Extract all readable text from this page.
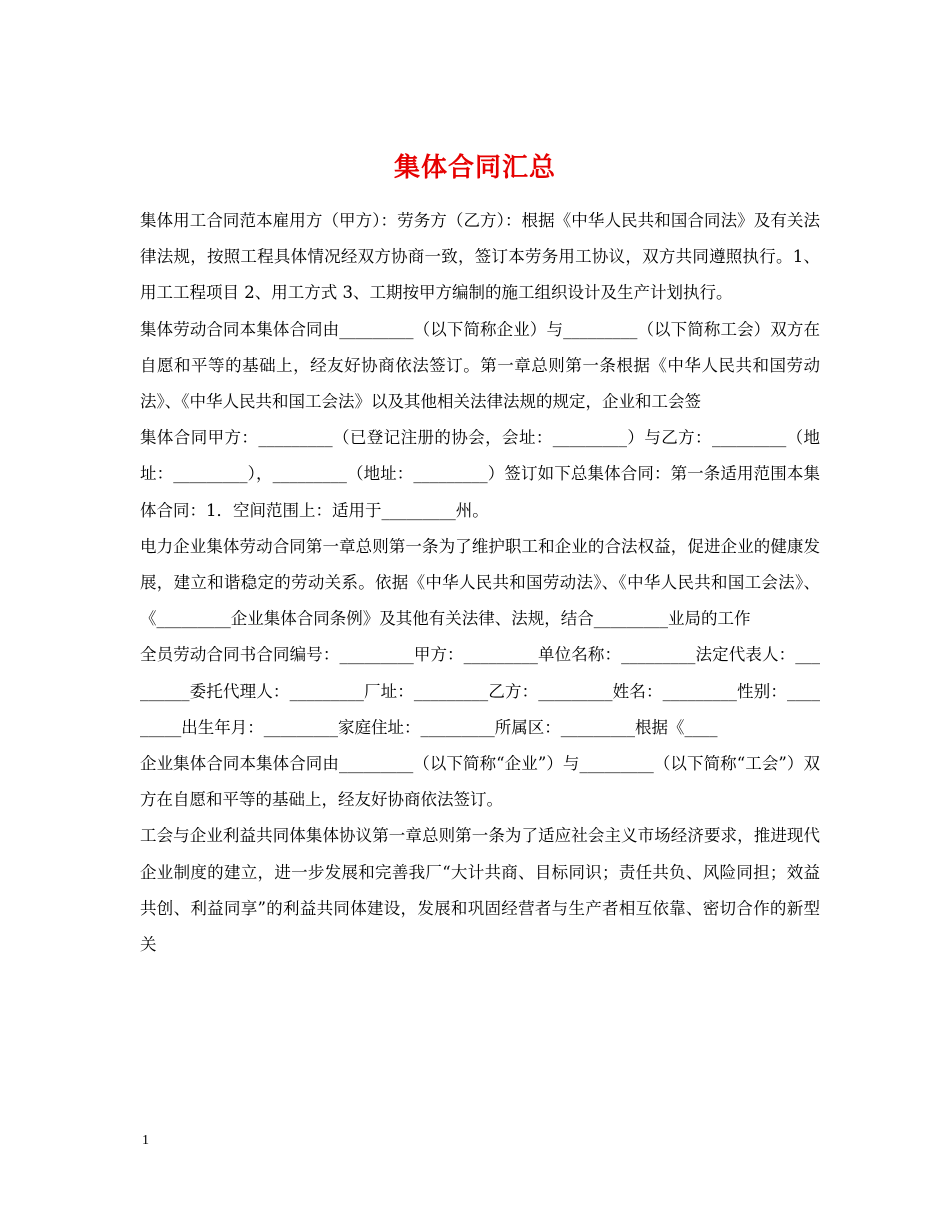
集体合同汇总

集体用工合同范本雇用方（甲方）：劳务方（乙方）：根据《中华人民共和国合同法》及有关法律法规，按照工程具体情况经双方协商一致，签订本劳务用工协议，双方共同遵照执行。1、用工工程项目 2、用工方式 3、工期按甲方编制的施工组织设计及生产计划执行。

集体劳动合同本集体合同由_________（以下简称企业）与_________（以下简称工会）双方在自愿和平等的基础上，经友好协商依法签订。第一章总则第一条根据《中华人民共和国劳动法》、《中华人民共和国工会法》以及其他相关法律法规的规定，企业和工会签

集体合同甲方：_________（已登记注册的协会，会址：_________）与乙方：_________（地址：_________），_________（地址：_________）签订如下总集体合同：第一条适用范围本集体合同：1．空间范围上：适用于_________州。

电力企业集体劳动合同第一章总则第一条为了维护职工和企业的合法权益，促进企业的健康发展，建立和谐稳定的劳动关系。依据《中华人民共和国劳动法》、《中华人民共和国工会法》、《_________企业集体合同条例》及其他有关法律、法规，结合_________业局的工作

全员劳动合同书合同编号：_________甲方：_________单位名称：_________法定代表人：_________委托代理人：_________厂址：_________乙方：_________姓名：_________性别：_________出生年月：_________家庭住址：_________所属区：_________根据《____

企业集体合同本集体合同由_________（以下简称“企业”）与_________（以下简称“工会”）双方在自愿和平等的基础上，经友好协商依法签订。

工会与企业利益共同体集体协议第一章总则第一条为了适应社会主义市场经济要求，推进现代企业制度的建立，进一步发展和完善我厂“大计共商、目标同识；责任共负、风险同担；效益共创、利益同享”的利益共同体建设，发展和巩固经营者与生产者相互依靠、密切合作的新型关

1
